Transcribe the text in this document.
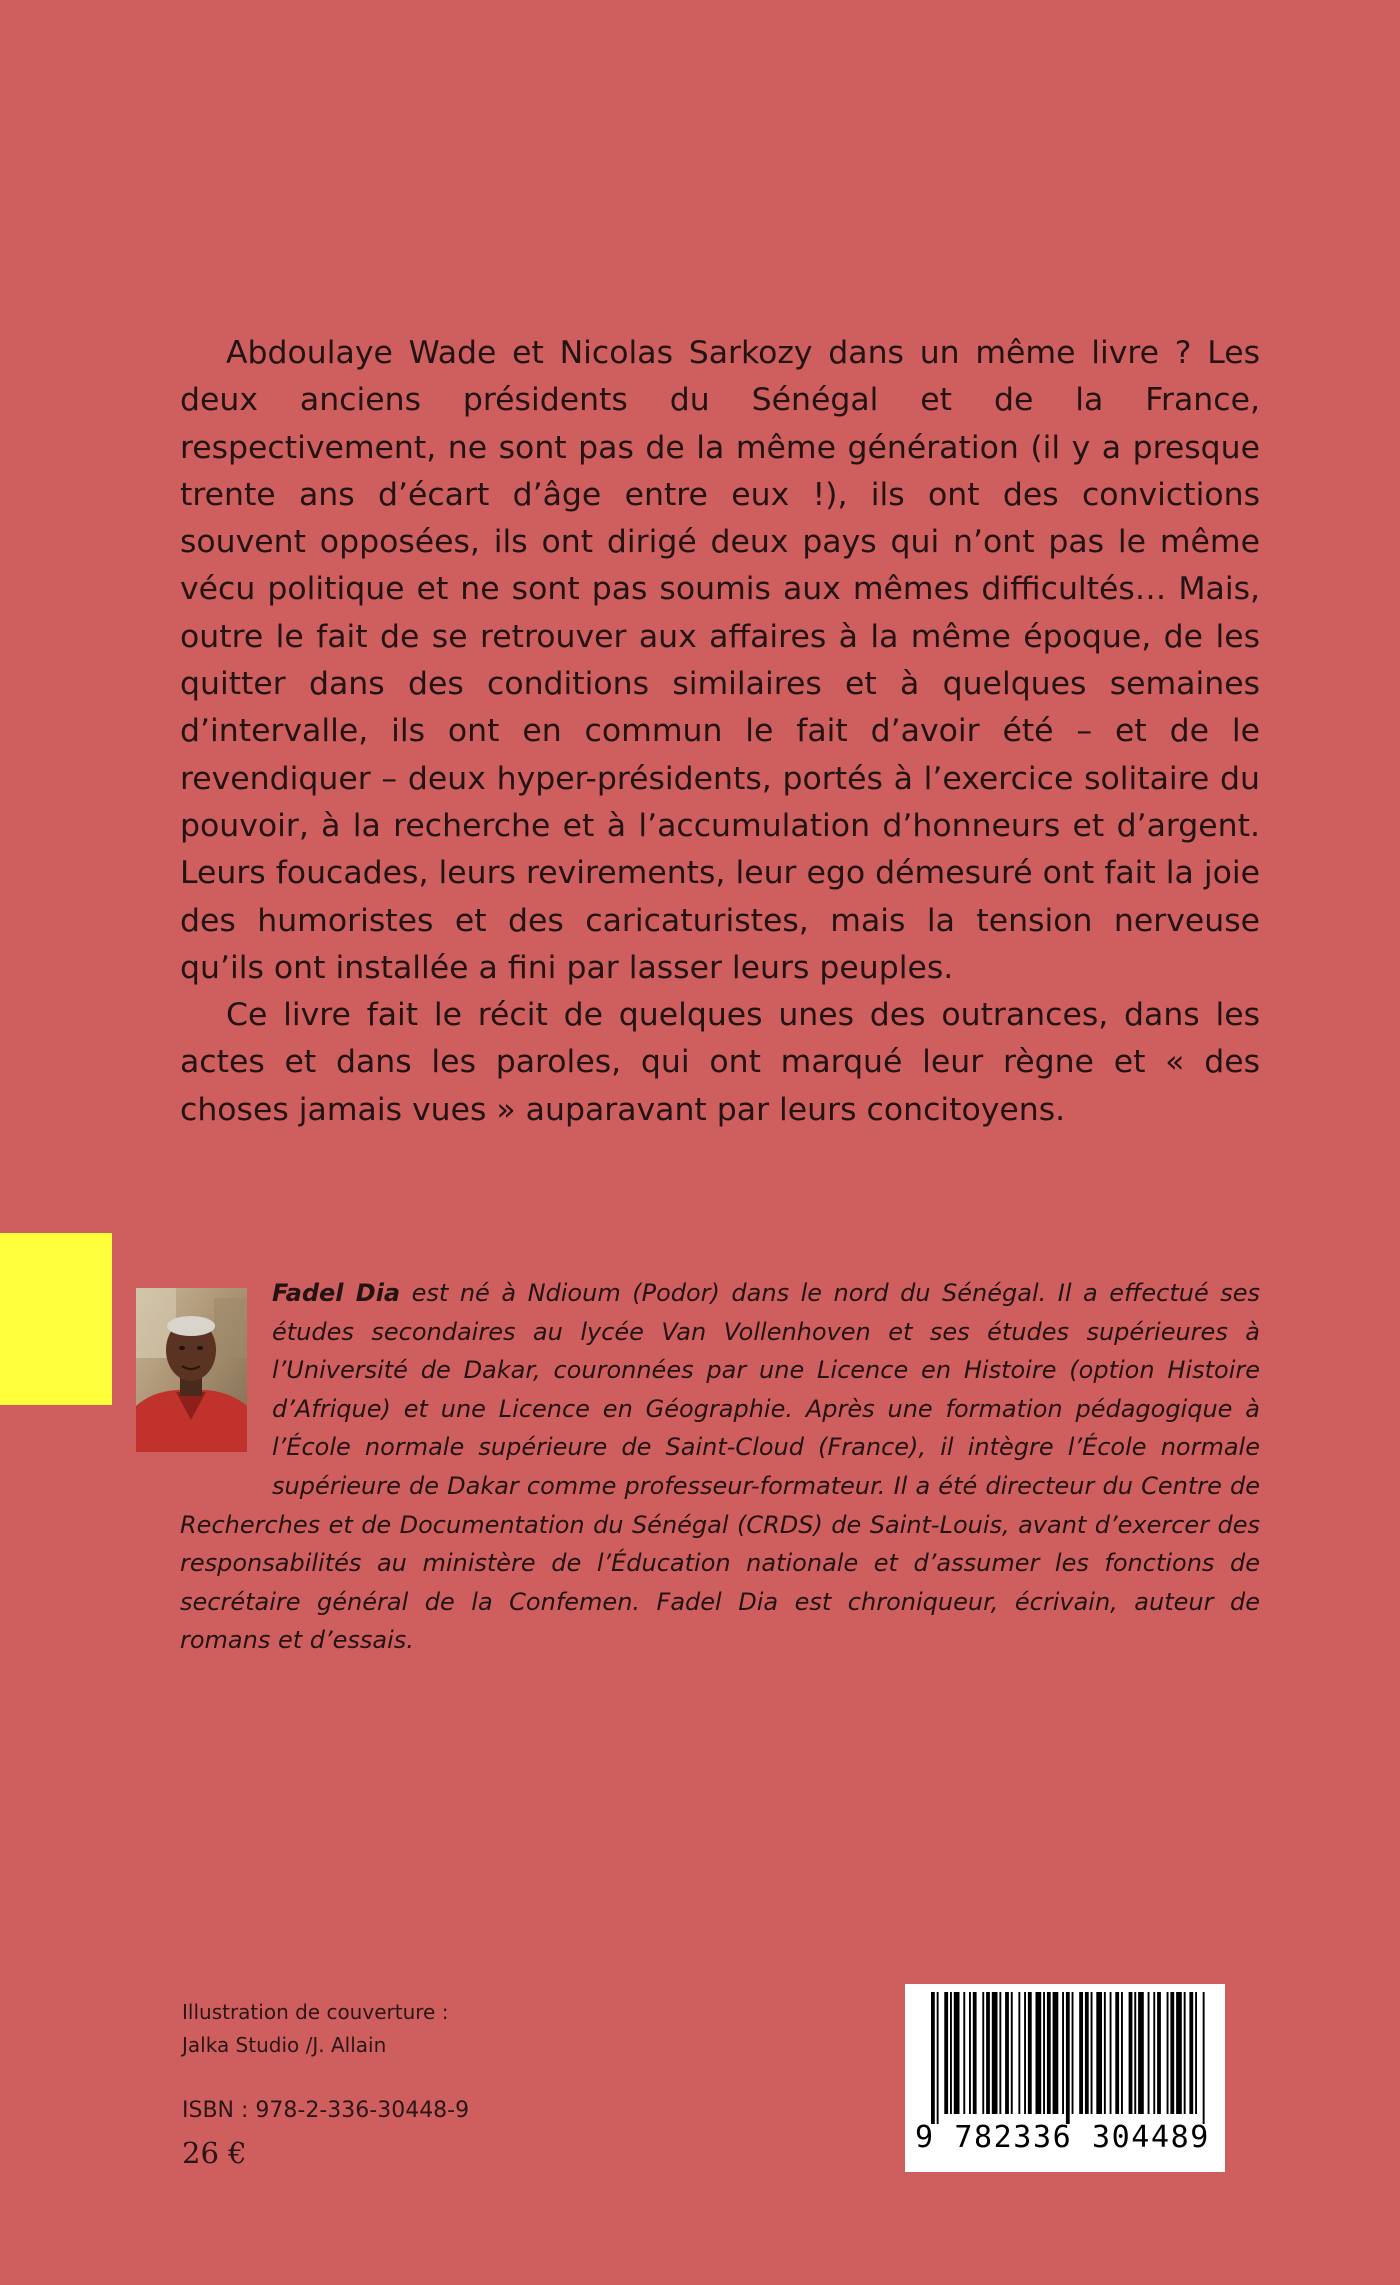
Abdoulaye Wade et Nicolas Sarkozy dans un même livre ? Les deux anciens présidents du Sénégal et de la France, respectivement, ne sont pas de la même génération (il y a presque trente ans d’écart d’âge entre eux !), ils ont des convictions souvent opposées, ils ont dirigé deux pays qui n’ont pas le même vécu politique et ne sont pas soumis aux mêmes difficultés… Mais, outre le fait de se retrouver aux affaires à la même époque, de les quitter dans des conditions similaires et à quelques semaines d’intervalle, ils ont en commun le fait d’avoir été – et de le revendiquer – deux hyper-présidents, portés à l’exercice solitaire du pouvoir, à la recherche et à l’accumulation d’honneurs et d’argent. Leurs foucades, leurs revirements, leur ego démesuré ont fait la joie des humoristes et des caricaturistes, mais la tension nerveuse qu’ils ont installée a fini par lasser leurs peuples.

Ce livre fait le récit de quelques unes des outrances, dans les actes et dans les paroles, qui ont marqué leur règne et « des choses jamais vues » auparavant par leurs concitoyens.

Fadel Dia est né à Ndioum (Podor) dans le nord du Sénégal. Il a effectué ses études secondaires au lycée Van Vollenhoven et ses études supérieures à l’Université de Dakar, couronnées par une Licence en Histoire (option Histoire d’Afrique) et une Licence en Géographie. Après une formation pédagogique à l’École normale supérieure de Saint-Cloud (France), il intègre l’École normale supérieure de Dakar comme professeur-formateur. Il a été directeur du Centre de Recherches et de Documentation du Sénégal (CRDS) de Saint-Louis, avant d’exercer des responsabilités au ministère de l’Éducation nationale et d’assumer les fonctions de secrétaire général de la Confemen. Fadel Dia est chroniqueur, écrivain, auteur de romans et d’essais.
Illustration de couverture :
Jalka Studio /J. Allain
ISBN : 978-2-336-30448-9
26 €	9 782336 304489
